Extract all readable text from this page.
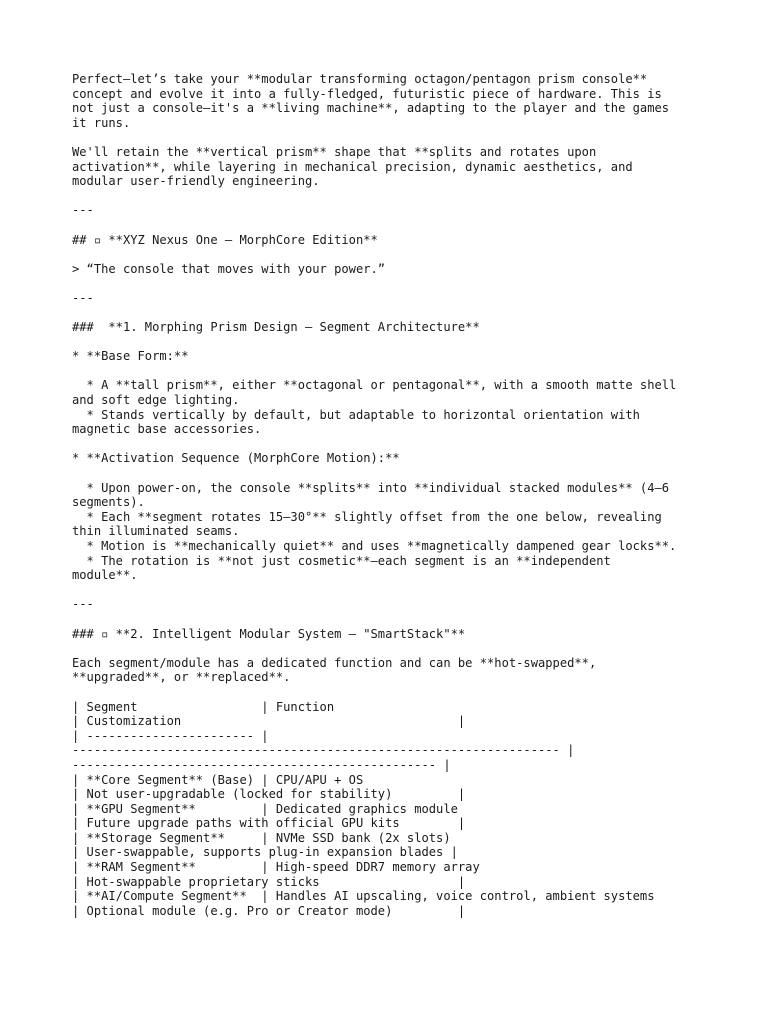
Perfect—let’s take your **modular transforming octagon/pentagon prism console**
concept and evolve it into a fully-fledged, futuristic piece of hardware. This is
not just a console—it's a **living machine**, adapting to the player and the games
it runs.
We'll retain the **vertical prism** shape that **splits and rotates upon
activation**, while layering in mechanical precision, dynamic aesthetics, and
modular user-friendly engineering.
---
## ▫ **XYZ Nexus One – MorphCore Edition**
> “The console that moves with your power.”
---
###  **1. Morphing Prism Design – Segment Architecture**
* **Base Form:**
* A **tall prism**, either **octagonal or pentagonal**, with a smooth matte shell
and soft edge lighting.
* Stands vertically by default, but adaptable to horizontal orientation with
magnetic base accessories.
* **Activation Sequence (MorphCore Motion):**
* Upon power-on, the console **splits** into **individual stacked modules** (4–6
segments).
* Each **segment rotates 15–30°** slightly offset from the one below, revealing
thin illuminated seams.
* Motion is **mechanically quiet** and uses **magnetically dampened gear locks**.
* The rotation is **not just cosmetic**—each segment is an **independent
module**.
---
### ▫ **2. Intelligent Modular System – "SmartStack"**
Each segment/module has a dedicated function and can be **hot-swapped**,
**upgraded**, or **replaced**.
| Segment                 | Function
| Customization                                      |
| ----------------------- |
------------------------------------------------------------------- |
-------------------------------------------------- |
| **Core Segment** (Base) | CPU/APU + OS
| Not user-upgradable (locked for stability)         |
| **GPU Segment**         | Dedicated graphics module
| Future upgrade paths with official GPU kits        |
| **Storage Segment**     | NVMe SSD bank (2x slots)
| User-swappable, supports plug-in expansion blades |
| **RAM Segment**         | High-speed DDR7 memory array
| Hot-swappable proprietary sticks                   |
| **AI/Compute Segment**  | Handles AI upscaling, voice control, ambient systems
| Optional module (e.g. Pro or Creator mode)         |
